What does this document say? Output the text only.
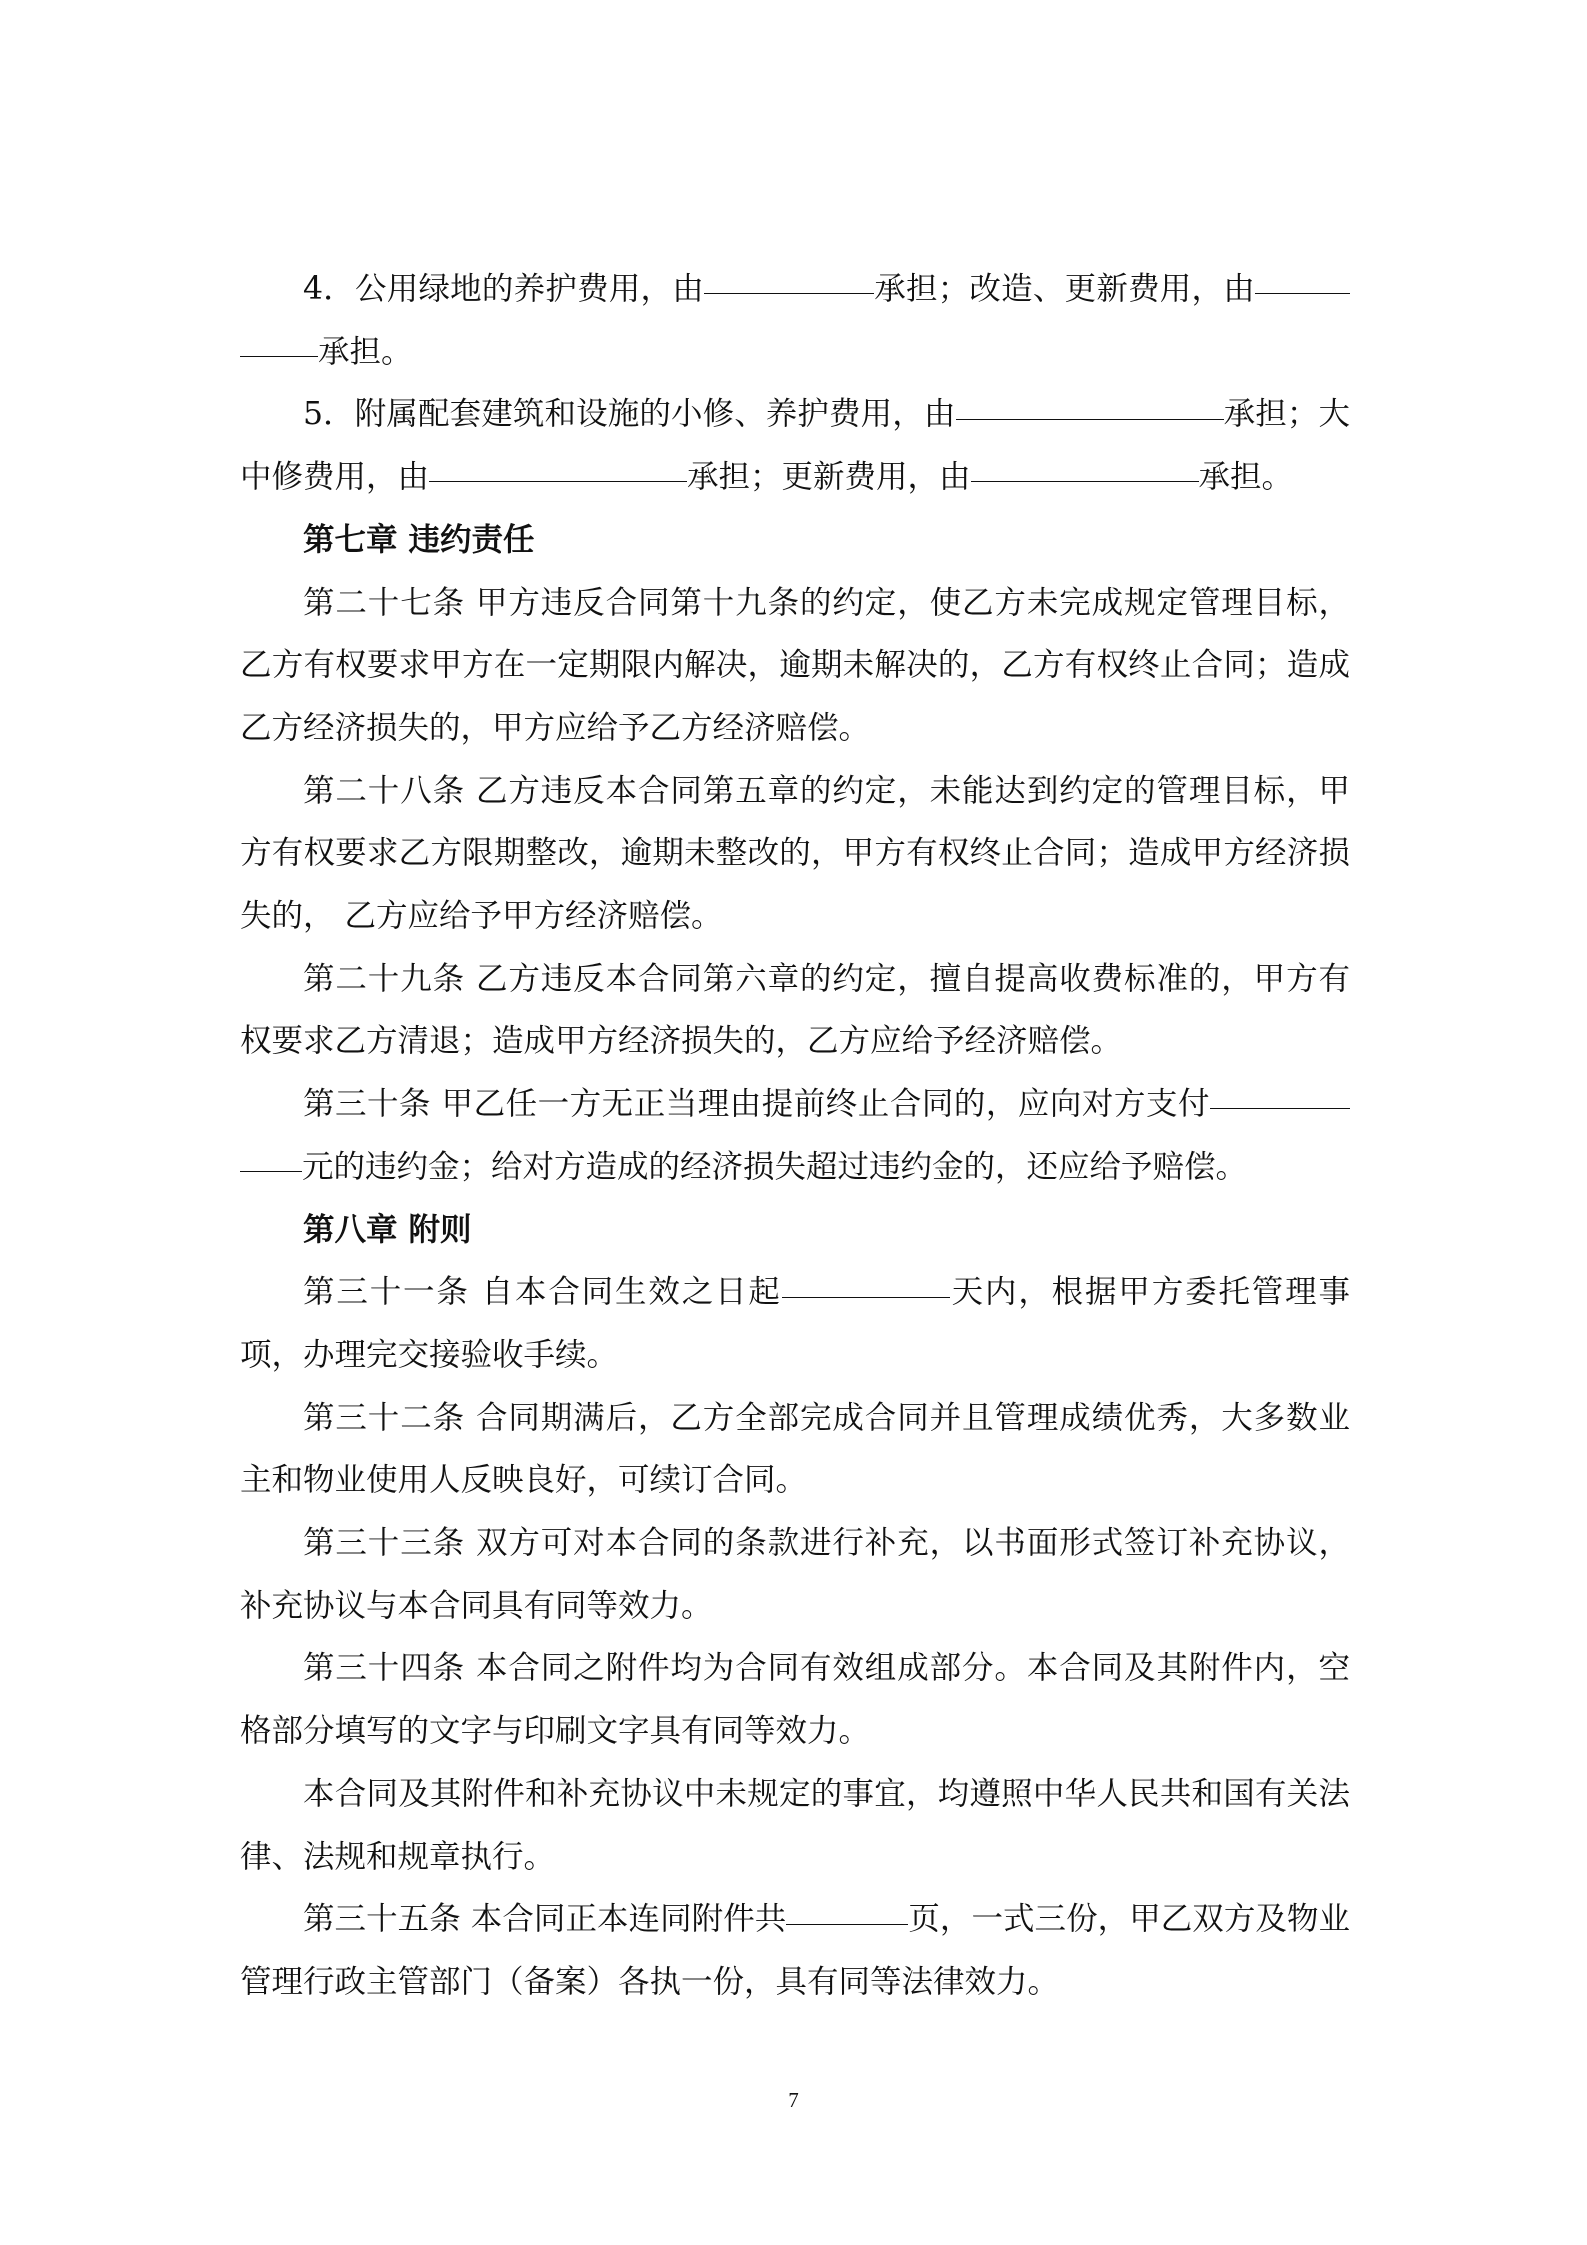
4．公用绿地的养护费用，由	承担；改造、更新费用，由承担。

5．附属配套建筑和设施的小修、养护费用，由	承担；大中修费用，由	承担；更新费用，由	承担。

第七章 违约责任

第二十七条 甲方违反合同第十九条的约定，使乙方未完成规定管理目标，乙方有权要求甲方在一定期限内解决，逾期未解决的，乙方有权终止合同；造成乙方经济损失的，甲方应给予乙方经济赔偿。

第二十八条 乙方违反本合同第五章的约定，未能达到约定的管理目标，甲方有权要求乙方限期整改，逾期未整改的，甲方有权终止合同；造成甲方经济损失的， 乙方应给予甲方经济赔偿。

第二十九条 乙方违反本合同第六章的约定，擅自提高收费标准的，甲方有权要求乙方清退；造成甲方经济损失的，乙方应给予经济赔偿。

第三十条 甲乙任一方无正当理由提前终止合同的，应向对方支付元的违约金；给对方造成的经济损失超过违约金的，还应给予赔偿。

第八章 附则

第三十一条 自本合同生效之日起	天内，根据甲方委托管理事项，办理完交接验收手续。

第三十二条 合同期满后，乙方全部完成合同并且管理成绩优秀，大多数业主和物业使用人反映良好，可续订合同。

第三十三条 双方可对本合同的条款进行补充，以书面形式签订补充协议，补充协议与本合同具有同等效力。

第三十四条 本合同之附件均为合同有效组成部分。本合同及其附件内，空格部分填写的文字与印刷文字具有同等效力。

本合同及其附件和补充协议中未规定的事宜，均遵照中华人民共和国有关法律、法规和规章执行。

第三十五条 本合同正本连同附件共	页，一式三份，甲乙双方及物业管理行政主管部门（备案）各执一份，具有同等法律效力。

7
